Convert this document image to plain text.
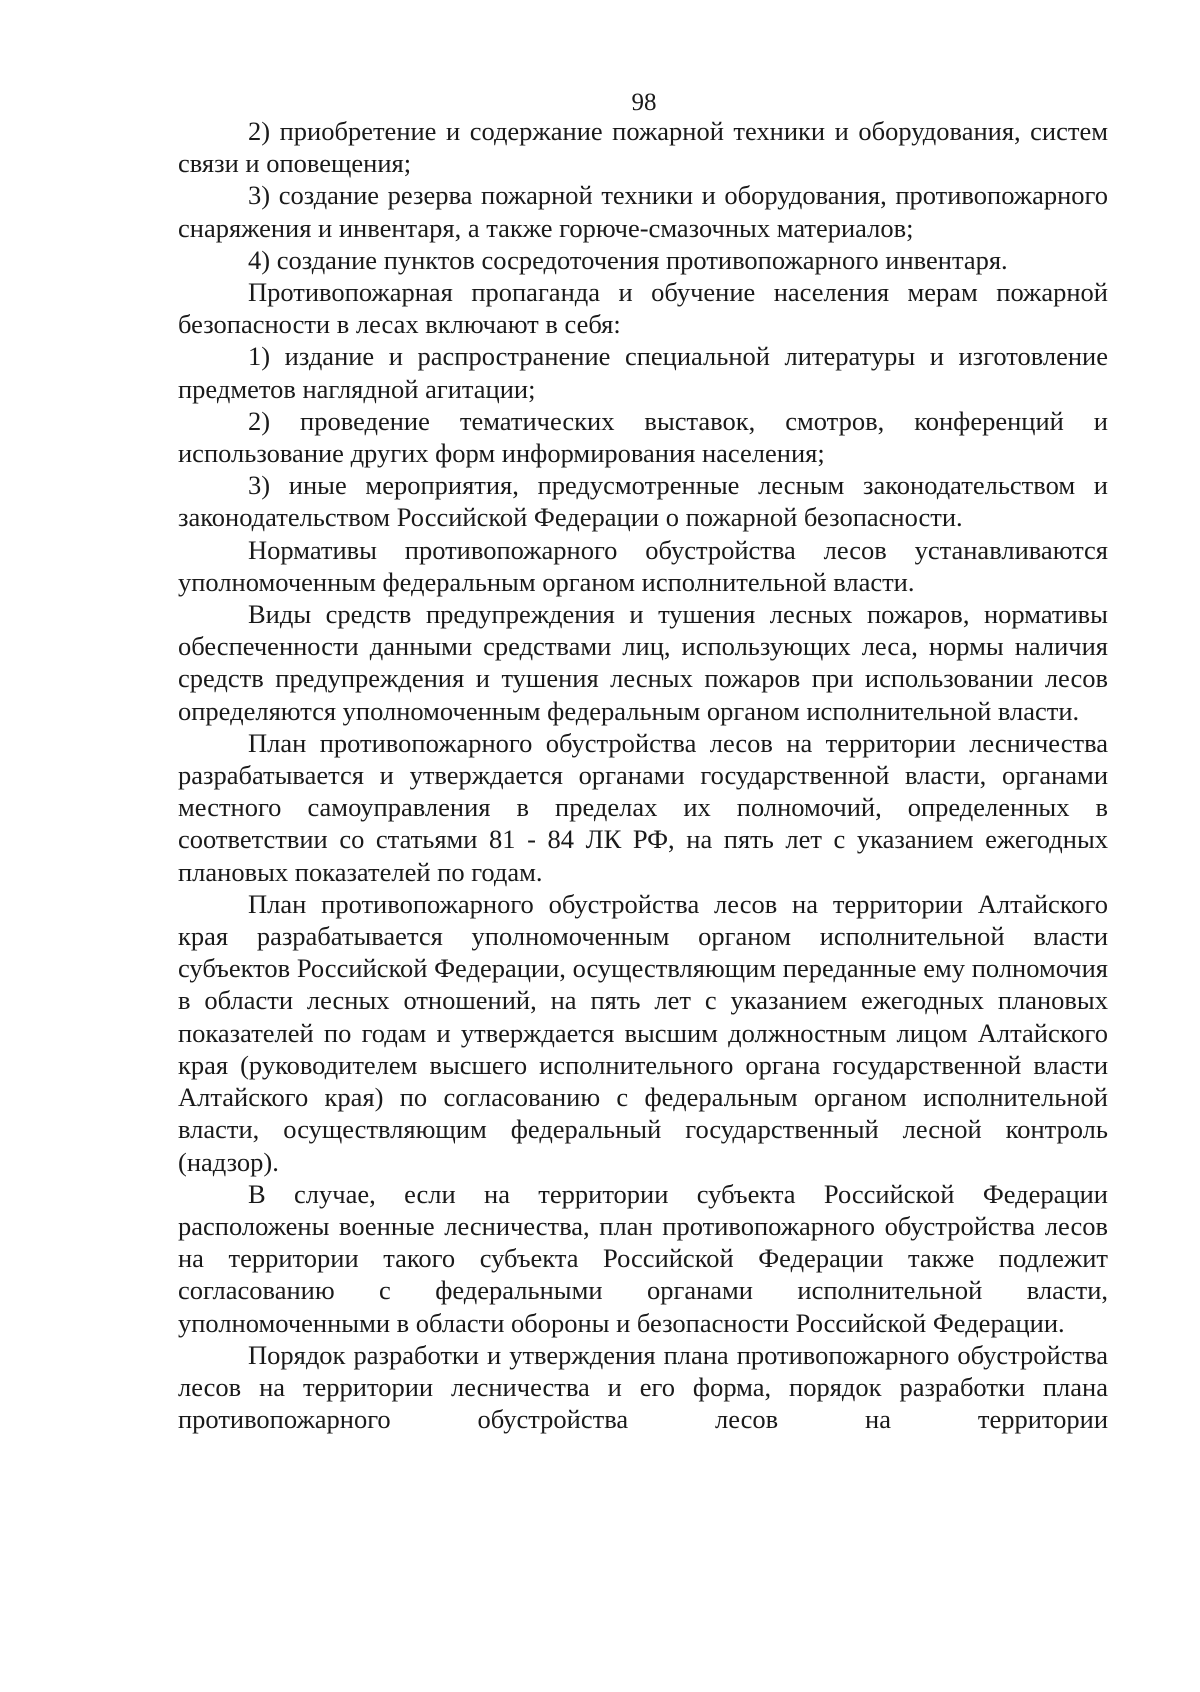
98

2) приобретение и содержание пожарной техники и оборудования, систем связи и оповещения;

3) создание резерва пожарной техники и оборудования, противопожарного снаряжения и инвентаря, а также горюче-смазочных материалов;

4) создание пунктов сосредоточения противопожарного инвентаря.

Противопожарная пропаганда и обучение населения мерам пожарной безопасности в лесах включают в себя:

1) издание и распространение специальной литературы и изготовление предметов наглядной агитации;

2) проведение тематических выставок, смотров, конференций и использование других форм информирования населения;

3) иные мероприятия, предусмотренные лесным законодательством и законодательством Российской Федерации о пожарной безопасности.

Нормативы противопожарного обустройства лесов устанавливаются уполномоченным федеральным органом исполнительной власти.

Виды средств предупреждения и тушения лесных пожаров, нормативы обеспеченности данными средствами лиц, использующих леса, нормы наличия средств предупреждения и тушения лесных пожаров при использовании лесов определяются уполномоченным федеральным органом исполнительной власти.

План противопожарного обустройства лесов на территории лесничества разрабатывается и утверждается органами государственной власти, органами местного самоуправления в пределах их полномочий, определенных в соответствии со статьями 81 - 84 ЛК РФ, на пять лет с указанием ежегодных плановых показателей по годам.

План противопожарного обустройства лесов на территории Алтайского края разрабатывается уполномоченным органом исполнительной власти субъектов Российской Федерации, осуществляющим переданные ему полномочия в области лесных отношений, на пять лет с указанием ежегодных плановых показателей по годам и утверждается высшим должностным лицом Алтайского края (руководителем высшего исполнительного органа государственной власти Алтайского края) по согласованию с федеральным органом исполнительной власти, осуществляющим федеральный государственный лесной контроль (надзор).

В случае, если на территории субъекта Российской Федерации расположены военные лесничества, план противопожарного обустройства лесов на территории такого субъекта Российской Федерации также подлежит согласованию с федеральными органами исполнительной власти, уполномоченными в области обороны и безопасности Российской Федерации.

Порядок разработки и утверждения плана противопожарного обустройства лесов на территории лесничества и его форма, порядок разработки плана противопожарного обустройства лесов на территории
